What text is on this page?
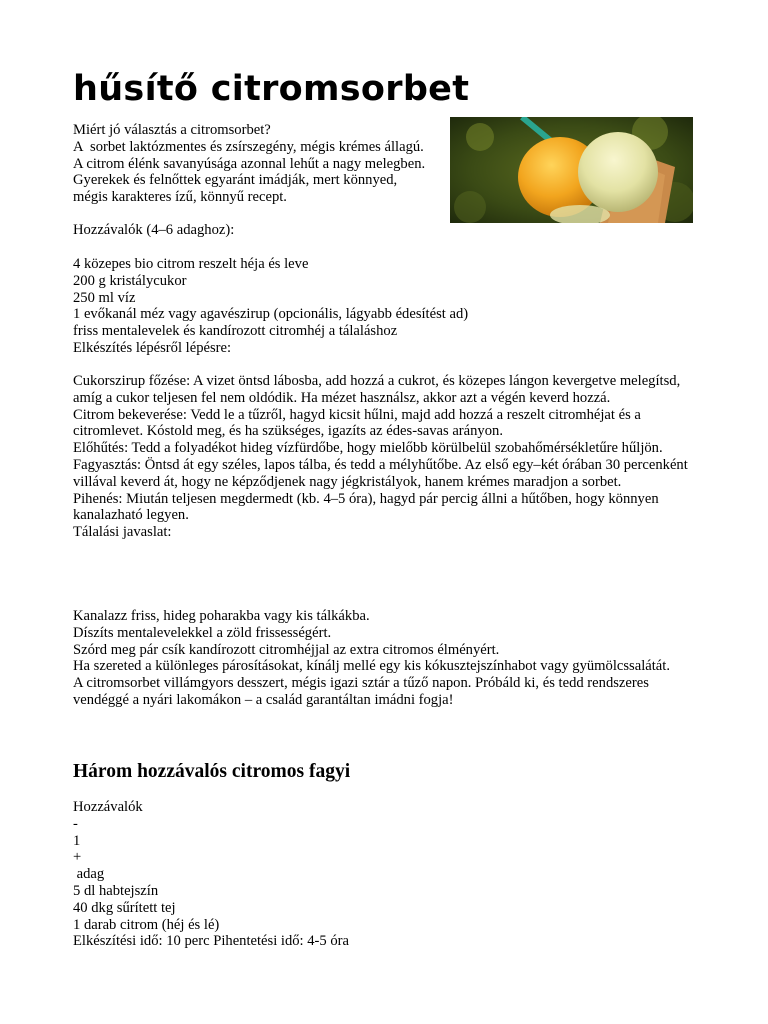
hűsítő citromsorbet

Miért jó választás a citromsorbet?

A  sorbet laktózmentes és zsírszegény, mégis krémes állagú.

A citrom élénk savanyúsága azonnal lehűt a nagy melegben.

Gyerekek és felnőttek egyaránt imádják, mert könnyed,

mégis karakteres ízű, könnyű recept.

Hozzávalók (4–6 adaghoz):

4 közepes bio citrom reszelt héja és leve

200 g kristálycukor

250 ml víz

1 evőkanál méz vagy agavészirup (opcionális, lágyabb édesítést ad)

friss mentalevelek és kandírozott citromhéj a tálaláshoz

Elkészítés lépésről lépésre:

Cukorszirup főzése: A vizet öntsd lábosba, add hozzá a cukrot, és közepes lángon kevergetve melegítsd, amíg a cukor teljesen fel nem oldódik. Ha mézet használsz, akkor azt a végén keverd hozzá.

Citrom bekeverése: Vedd le a tűzről, hagyd kicsit hűlni, majd add hozzá a reszelt citromhéjat és a citromlevet. Kóstold meg, és ha szükséges, igazíts az édes-savas arányon.

Előhűtés: Tedd a folyadékot hideg vízfürdőbe, hogy mielőbb körülbelül szobahőmérsékletűre hűljön.

Fagyasztás: Öntsd át egy széles, lapos tálba, és tedd a mélyhűtőbe. Az első egy–két órában 30 percenként villával keverd át, hogy ne képződjenek nagy jégkristályok, hanem krémes maradjon a sorbet.

Pihenés: Miután teljesen megdermedt (kb. 4–5 óra), hagyd pár percig állni a hűtőben, hogy könnyen kanalazható legyen.

Tálalási javaslat:

Kanalazz friss, hideg poharakba vagy kis tálkákba.

Díszíts mentalevelekkel a zöld frissességért.

Szórd meg pár csík kandírozott citromhéjjal az extra citromos élményért.

Ha szereted a különleges párosításokat, kínálj mellé egy kis kókusztejszínhabot vagy gyümölcssalátát.

A citromsorbet villámgyors desszert, mégis igazi sztár a tűző napon. Próbáld ki, és tedd rendszeres vendéggé a nyári lakomákon – a család garantáltan imádni fogja!

Három hozzávalós citromos fagyi

Hozzávalók

-

1

+

adag

5 dl habtejszín

40 dkg sűrített tej

1 darab citrom (héj és lé)

Elkészítési idő: 10 perc Pihentetési idő: 4-5 óra
